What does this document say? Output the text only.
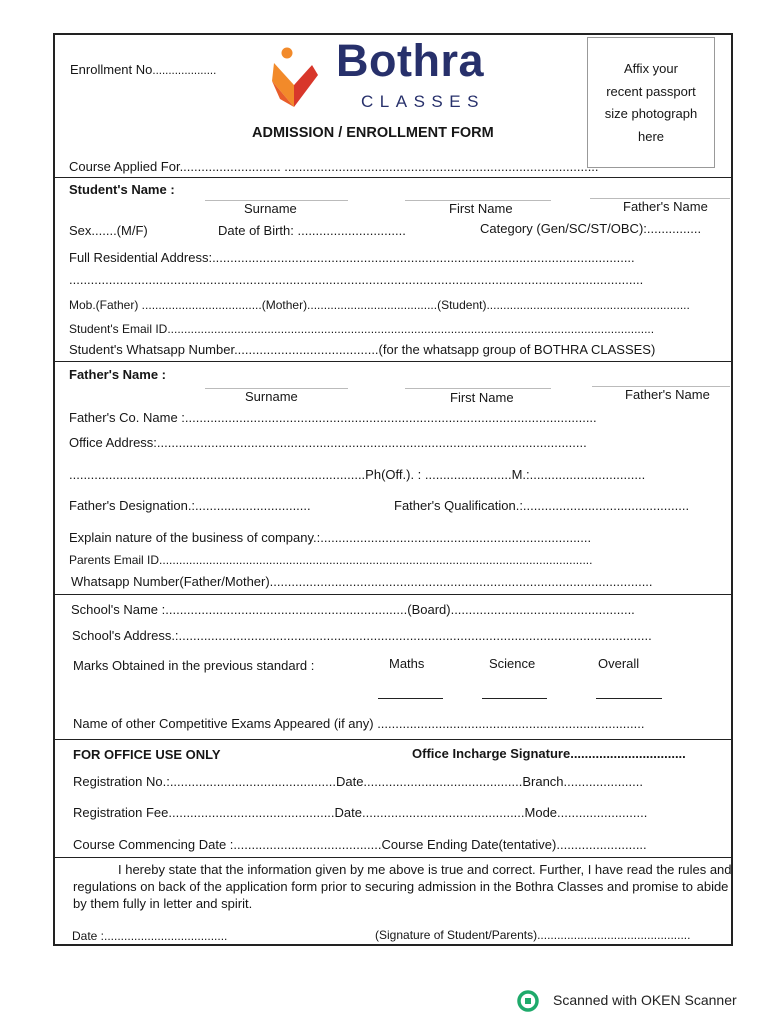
Enrollment No....................	Bothra
CLASSES
ADMISSION / ENROLLMENT FORM
Affix your
recent passport
size photograph
here
Course Applied For............................ .......................................................................................
Student's Name :
Surname	First Name	Father's Name
Sex.......(M/F)	Date of Birth: ..............................	Category (Gen/SC/ST/OBC):...............
Full Residential Address:.....................................................................................................................
...............................................................................................................................................................
Mob.(Father) ....................................(Mother).......................................(Student).............................................................
Student's Email ID..................................................................................................................................................
Student's Whatsapp Number........................................(for the whatsapp group of BOTHRA CLASSES)
Father's Name :
Surname	First Name	Father's Name
Father's Co. Name :..................................................................................................................
Office Address:.......................................................................................................................
..................................................................................Ph(Off.). : ........................M.:................................
Father's Designation.:................................	Father's Qualification.:..............................................
Explain nature of the business of company.:...........................................................................
Parents Email ID..................................................................................................................................
Whatsapp Number(Father/Mother)..........................................................................................................
School's Name :...................................................................(Board)...................................................
School's Address.:...................................................................................................................................
Marks Obtained in the previous standard :	Maths	Science	Overall
Name of other Competitive Exams Appeared (if any) ..........................................................................
FOR OFFICE USE ONLY	Office Incharge Signature................................
Registration No.:..............................................Date............................................Branch......................
Registration Fee..............................................Date.............................................Mode.........................
Course Commencing Date :.........................................Course Ending Date(tentative).........................
I hereby state that the information given by me above is true and correct. Further, I have read the rules and regulations on back of the application form prior to securing admission in the Bothra Classes and promise to abide by them fully in letter and spirit.
Date :.....................................	(Signature of Student/Parents)..............................................
Scanned with OKEN Scanner
